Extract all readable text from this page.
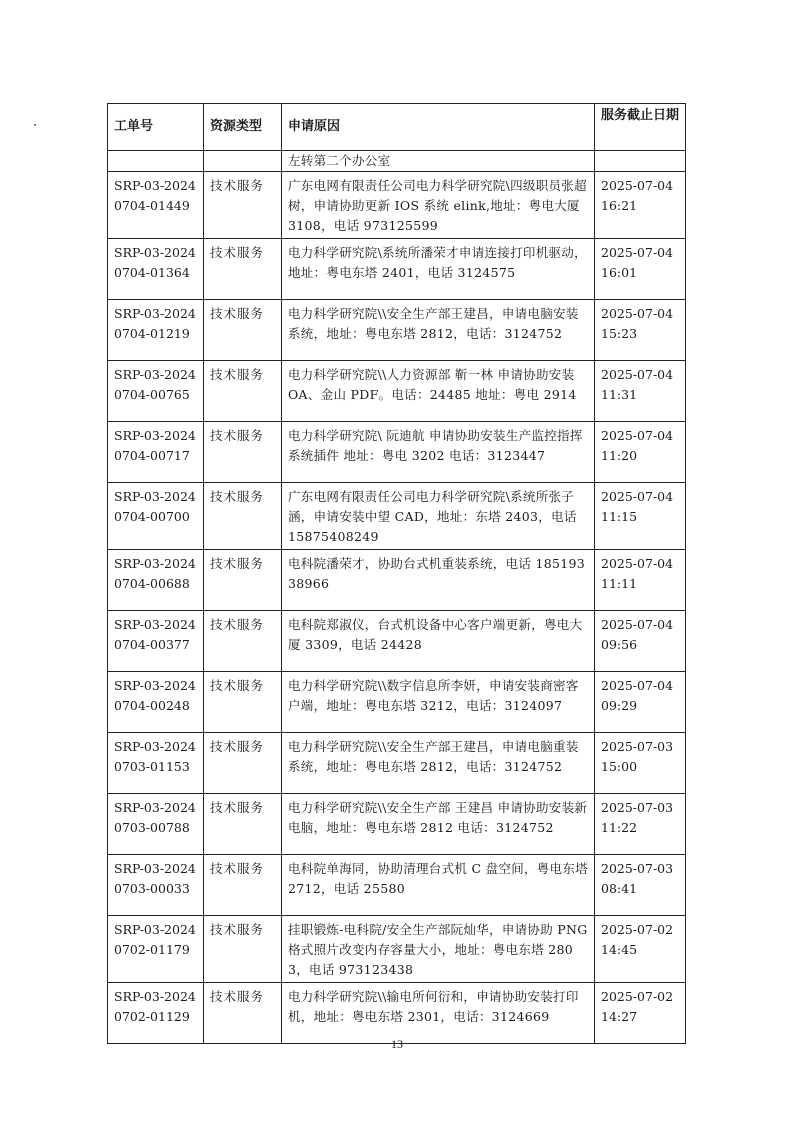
工单号	资源类型	申请原因	服务截止日期
		左转第二个办公室	
SRP-03-20240704-01449	技术服务	广东电网有限责任公司电力科学研究院\四级职员张超树，申请协助更新 IOS 系统 elink,地址：粤电大厦 3108，电话 973125599	2025-07-04 16:21
SRP-03-20240704-01364	技术服务	电力科学研究院\系统所潘荣才申请连接打印机驱动，地址：粤电东塔 2401，电话 3124575	2025-07-04 16:01
SRP-03-20240704-01219	技术服务	电力科学研究院\\安全生产部王建昌，申请电脑安装系统，地址：粤电东塔 2812，电话：3124752	2025-07-04 15:23
SRP-03-20240704-00765	技术服务	电力科学研究院\\人力资源部 靳一林 申请协助安装 OA、金山 PDF。电话：24485 地址：粤电 2914	2025-07-04 11:31
SRP-03-20240704-00717	技术服务	电力科学研究院\ 阮迪航 申请协助安装生产监控指挥系统插件 地址：粤电 3202 电话：3123447	2025-07-04 11:20
SRP-03-20240704-00700	技术服务	广东电网有限责任公司电力科学研究院\系统所张子涵，申请安装中望 CAD，地址：东塔 2403，电话 15875408249	2025-07-04 11:15
SRP-03-20240704-00688	技术服务	电科院潘荣才，协助台式机重装系统，电话 18519338966	2025-07-04 11:11
SRP-03-20240704-00377	技术服务	电科院郑淑仪，台式机设备中心客户端更新，粤电大厦 3309，电话 24428	2025-07-04 09:56
SRP-03-20240704-00248	技术服务	电力科学研究院\\数字信息所李妍，申请安装商密客户端，地址：粤电东塔 3212，电话：3124097	2025-07-04 09:29
SRP-03-20240703-01153	技术服务	电力科学研究院\\安全生产部王建昌，申请电脑重装系统，地址：粤电东塔 2812，电话：3124752	2025-07-03 15:00
SRP-03-20240703-00788	技术服务	电力科学研究院\\安全生产部 王建昌 申请协助安装新电脑，地址：粤电东塔 2812 电话：3124752	2025-07-03 11:22
SRP-03-20240703-00033	技术服务	电科院单海同，协助清理台式机 C 盘空间，粤电东塔 2712，电话 25580	2025-07-03 08:41
SRP-03-20240702-01179	技术服务	挂职锻炼-电科院/安全生产部阮灿华，申请协助 PNG 格式照片改变内存容量大小，地址：粤电东塔 2803，电话 973123438	2025-07-02 14:45
SRP-03-20240702-01129	技术服务	电力科学研究院\\输电所何衍和，申请协助安装打印机，地址：粤电东塔 2301，电话：3124669	2025-07-02 14:27
13
